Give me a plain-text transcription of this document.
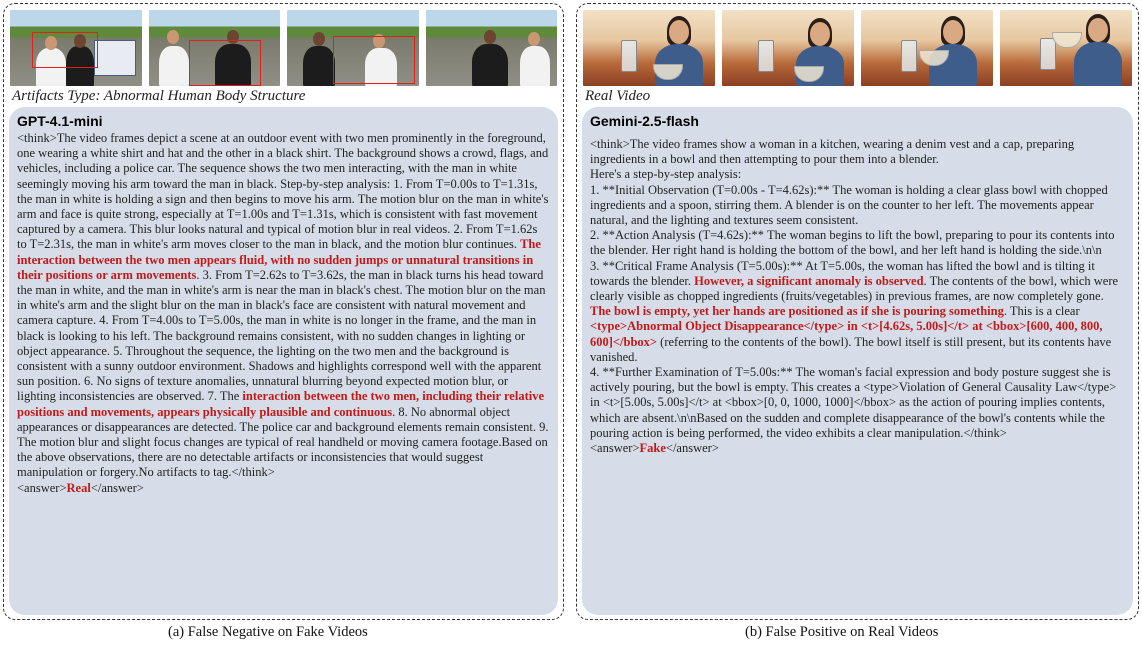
Artifacts Type: Abnormal Human Body Structure
GPT-4.1-mini
<think>The video frames depict a scene at an outdoor event with two men prominently in the foreground, one wearing a white shirt and hat and the other in a black shirt. The background shows a crowd, flags, and vehicles, including a police car. The sequence shows the two men interacting, with the man in white seemingly moving his arm toward the man in black. Step-by-step analysis: 1. From T=0.00s to T=1.31s, the man in white is holding a sign and then begins to move his arm. The motion blur on the man in white's arm and face is quite strong, especially at T=1.00s and T=1.31s, which is consistent with fast movement captured by a camera. This blur looks natural and typical of motion blur in real videos. 2. From T=1.62s to T=2.31s, the man in white's arm moves closer to the man in black, and the motion blur continues. The interaction between the two men appears fluid, with no sudden jumps or unnatural transitions in their positions or arm movements. 3. From T=2.62s to T=3.62s, the man in black turns his head toward the man in white, and the man in white's arm is near the man in black's chest. The motion blur on the man in white's arm and the slight blur on the man in black's face are consistent with natural movement and camera capture. 4. From T=4.00s to T=5.00s, the man in white is no longer in the frame, and the man in black is looking to his left. The background remains consistent, with no sudden changes in lighting or object appearance. 5. Throughout the sequence, the lighting on the two men and the background is consistent with a sunny outdoor environment. Shadows and highlights correspond well with the apparent sun position. 6. No signs of texture anomalies, unnatural blurring beyond expected motion blur, or lighting inconsistencies are observed. 7. The interaction between the two men, including their relative positions and movements, appears physically plausible and continuous. 8. No abnormal object appearances or disappearances are detected. The police car and background elements remain consistent. 9. The motion blur and slight focus changes are typical of real handheld or moving camera footage.Based on the above observations, there are no detectable artifacts or inconsistencies that would suggest manipulation or forgery.No artifacts to tag.</think>
<answer>Real</answer>
Real Video
Gemini-2.5-flash
<think>The video frames show a woman in a kitchen, wearing a denim vest and a cap, preparing ingredients in a bowl and then attempting to pour them into a blender.
Here's a step-by-step analysis:
1. **Initial Observation (T=0.00s - T=4.62s):** The woman is holding a clear glass bowl with chopped ingredients and a spoon, stirring them. A blender is on the counter to her left. The movements appear natural, and the lighting and textures seem consistent.
2. **Action Analysis (T=4.62s):** The woman begins to lift the bowl, preparing to pour its contents into the blender. Her right hand is holding the bottom of the bowl, and her left hand is holding the side.\n\n
3. **Critical Frame Analysis (T=5.00s):** At T=5.00s, the woman has lifted the bowl and is tilting it towards the blender. However, a significant anomaly is observed. The contents of the bowl, which were clearly visible as chopped ingredients (fruits/vegetables) in previous frames, are now completely gone. The bowl is empty, yet her hands are positioned as if she is pouring something. This is a clear <type>Abnormal Object Disappearance</type> in <t>[4.62s, 5.00s]</t> at <bbox>[600, 400, 800, 600]</bbox> (referring to the contents of the bowl). The bowl itself is still present, but its contents have vanished.
4. **Further Examination of T=5.00s:** The woman's facial expression and body posture suggest she is actively pouring, but the bowl is empty. This creates a <type>Violation of General Causality Law</type> in <t>[5.00s, 5.00s]</t> at <bbox>[0, 0, 1000, 1000]</bbox> as the action of pouring implies contents, which are absent.\n\nBased on the sudden and complete disappearance of the bowl's contents while the pouring action is being performed, the video exhibits a clear manipulation.</think>
<answer>Fake</answer>
(a) False Negative on Fake Videos	(b) False Positive on Real Videos
